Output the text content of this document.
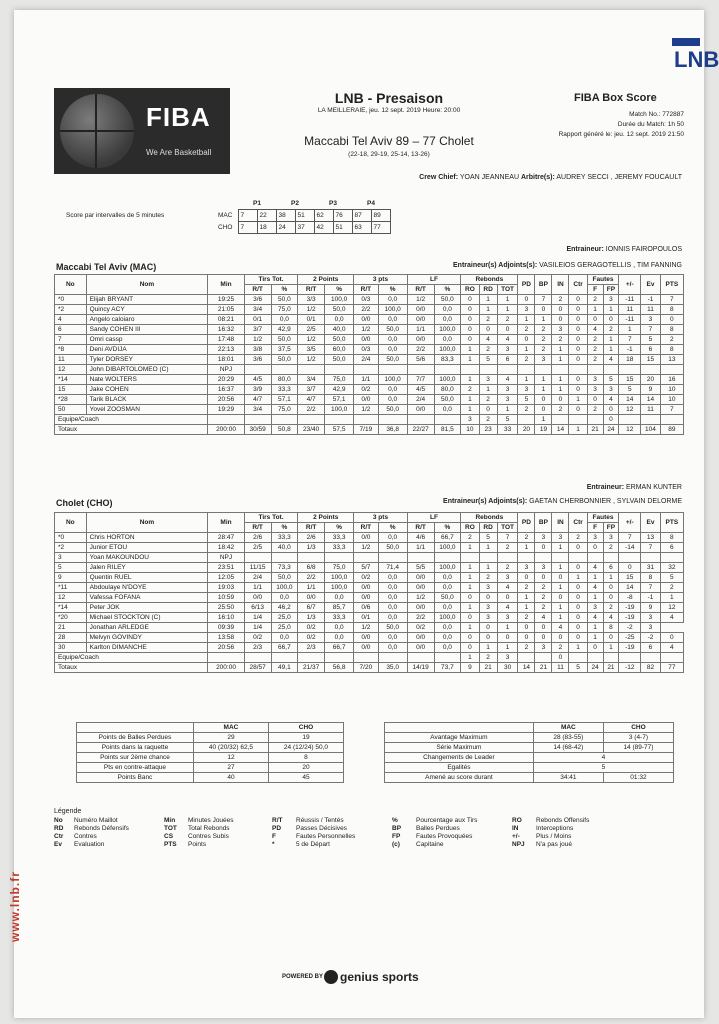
FIBA
We Are Basketball
LNB - Presaison
LA MEILLERAIE, jeu. 12 sept. 2019 Heure: 20:00
Maccabi Tel Aviv 89 – 77 Cholet
(22-18, 29-19, 25-14, 13-26)
FIBA Box Score
Match No.: 772887
Durée du Match: 1h 50
Rapport généré le: jeu. 12 sept. 2019 21:50
LNB
Crew Chief: YOAN JEANNEAU Arbitre(s): AUDREY SECCI , JEREMY FOUCAULT
		P1		P2		P3		P4	
Score par intervalles de 5 minutes	MAC	7	22	38	51	62	76	87	89
	CHO	7	18	24	37	42	51	63	77
Entraineur: IONNIS FAIROPOULOS
Maccabi Tel Aviv (MAC)	Entraineur(s) Adjoints(s): VASILEIOS GERAGOTELLIS , TIM FANNING
No	Nom	Min	Tirs Tot.		2 Points		3 pts		LF		Rebonds			PD	BP	IN	Ctr	Fautes		+/-	Ev	PTS
			R/T	%	R/T	%	R/T	%	R/T	%	RO	RD	TOT					F	FP			
*0	Elijah BRYANT	19:25	3/6	50,0	3/3	100,0	0/3	0,0	1/2	50,0	0	1	1	0	7	2	0	2	3	-11	-1	7
*2	Quincy ACY	21:05	3/4	75,0	1/2	50,0	2/2	100,0	0/0	0,0	0	1	1	3	0	0	0	1	1	11	11	8
4	Angelo caloiaro	08:21	0/1	0,0	0/1	0,0	0/0	0,0	0/0	0,0	0	2	2	1	1	0	0	0	0	-11	3	0
6	Sandy COHEN III	16:32	3/7	42,9	2/5	40,0	1/2	50,0	1/1	100,0	0	0	0	2	2	3	0	4	2	1	7	8
7	Omri cassp	17:48	1/2	50,0	1/2	50,0	0/0	0,0	0/0	0,0	0	4	4	0	2	2	0	2	1	7	5	2
*8	Deni AVDIJA	22:13	3/8	37,5	3/5	60,0	0/3	0,0	2/2	100,0	1	2	3	1	2	1	0	2	1	-1	6	8
11	Tyler DORSEY	18:01	3/6	50,0	1/2	50,0	2/4	50,0	5/6	83,3	1	5	6	2	3	1	0	2	4	18	15	13
12	John DIBARTOLOMEO (C)	NPJ																				
*14	Nate WOLTERS	20:29	4/5	80,0	3/4	75,0	1/1	100,0	7/7	100,0	1	3	4	1	1	1	0	3	5	15	20	16
15	Jake COHEN	16:37	3/9	33,3	3/7	42,9	0/2	0,0	4/5	80,0	2	1	3	3	1	1	0	3	3	5	9	10
*28	Tarik BLACK	20:56	4/7	57,1	4/7	57,1	0/0	0,0	2/4	50,0	1	2	3	5	0	0	1	0	4	14	14	10
50	Yovel ZOOSMAN	19:29	3/4	75,0	2/2	100,0	1/2	50,0	0/0	0,0	1	0	1	2	0	2	0	2	0	12	11	7
Equipe/Coach											3	2	5		1				0			
Totaux		200:00	30/59	50,8	23/40	57,5	7/19	36,8	22/27	81,5	10	23	33	20	19	14	1	21	24	12	104	89
Entraineur: ERMAN KUNTER
Cholet (CHO)	Entraineur(s) Adjoints(s): GAETAN CHERBONNIER , SYLVAIN DELORME
No	Nom	Min	Tirs Tot.		2 Points		3 pts		LF		Rebonds			PD	BP	IN	Ctr	Fautes		+/-	Ev	PTS
			R/T	%	R/T	%	R/T	%	R/T	%	RO	RD	TOT					F	FP			
*0	Chris HORTON	28:47	2/6	33,3	2/6	33,3	0/0	0,0	4/6	66,7	2	5	7	2	3	3	2	3	3	7	13	8
*2	Junior ETOU	18:42	2/5	40,0	1/3	33,3	1/2	50,0	1/1	100,0	1	1	2	1	0	1	0	0	2	-14	7	6
3	Yoan MAKOUNDOU	NPJ																				
5	Jalen RILEY	23:51	11/15	73,3	6/8	75,0	5/7	71,4	5/5	100,0	1	1	2	3	3	1	0	4	6	0	31	32
9	Quentin RUEL	12:05	2/4	50,0	2/2	100,0	0/2	0,0	0/0	0,0	1	2	3	0	0	0	1	1	1	15	8	5
*11	Abdoulaye N'DOYE	19:03	1/1	100,0	1/1	100,0	0/0	0,0	0/0	0,0	1	3	4	2	2	1	0	4	0	14	7	2
12	Vafessa FOFANA	10:59	0/0	0,0	0/0	0,0	0/0	0,0	1/2	50,0	0	0	0	1	2	0	0	1	0	-8	-1	1
*14	Peter JOK	25:50	6/13	46,2	6/7	85,7	0/6	0,0	0/0	0,0	1	3	4	1	2	1	0	3	2	-19	9	12
*20	Michael STOCKTON (C)	16:10	1/4	25,0	1/3	33,3	0/1	0,0	2/2	100,0	0	3	3	2	4	1	0	4	4	-19	3	4
21	Jonathan ARLEDGE	09:39	1/4	25,0	0/2	0,0	1/2	50,0	0/2	0,0	1	0	1	0	0	4	0	1	8	-2	3	
28	Melvyn GOVINDY	13:58	0/2	0,0	0/2	0,0	0/0	0,0	0/0	0,0	0	0	0	0	0	0	0	1	0	-25	-2	0
30	Karlton DIMANCHE	20:56	2/3	66,7	2/3	66,7	0/0	0,0	0/0	0,0	0	1	1	2	3	2	1	0	1	-19	6	4
Equipe/Coach											1	2	3			0						
Totaux		200:00	28/57	49,1	21/37	56,8	7/20	35,0	14/19	73,7	9	21	30	14	21	11	5	24	21	-12	82	77
	MAC	CHO
Points de Balles Perdues	29	19
Points dans la raquette	40 (20/32) 62,5	24 (12/24) 50,0
Points sur 2ème chance	12	8
Pts en contre-attaque	27	20
Points Banc	40	45
	MAC	CHO
Avantage Maximum	28 (83-55)	3 (4-7)
Série Maximum	14 (68-42)	14 (89-77)
Changements de Leader	4	
Egalités	5	
Amené au score durant	34:41	01:32
Légende
No	Numéro Maillot	Min	Minutes Jouées	R/T	Réussis / Tentés	%	Pourcentage aux Tirs	RO	Rebonds Offensifs
RD	Rebonds Défensifs	TOT	Total Rebonds	PD	Passes Décisives	BP	Balles Perdues	IN	Interceptions
Ctr	Contres	CS	Contres Subis	F	Fautes Personnelles	FP	Fautes Provoquées	+/-	Plus / Moins
Ev	Evaluation	PTS	Points	*	5 de Départ	(c)	Capitaine	NPJ	N'a pas joué
www.lnb.fr
POWERED BY genius sports
